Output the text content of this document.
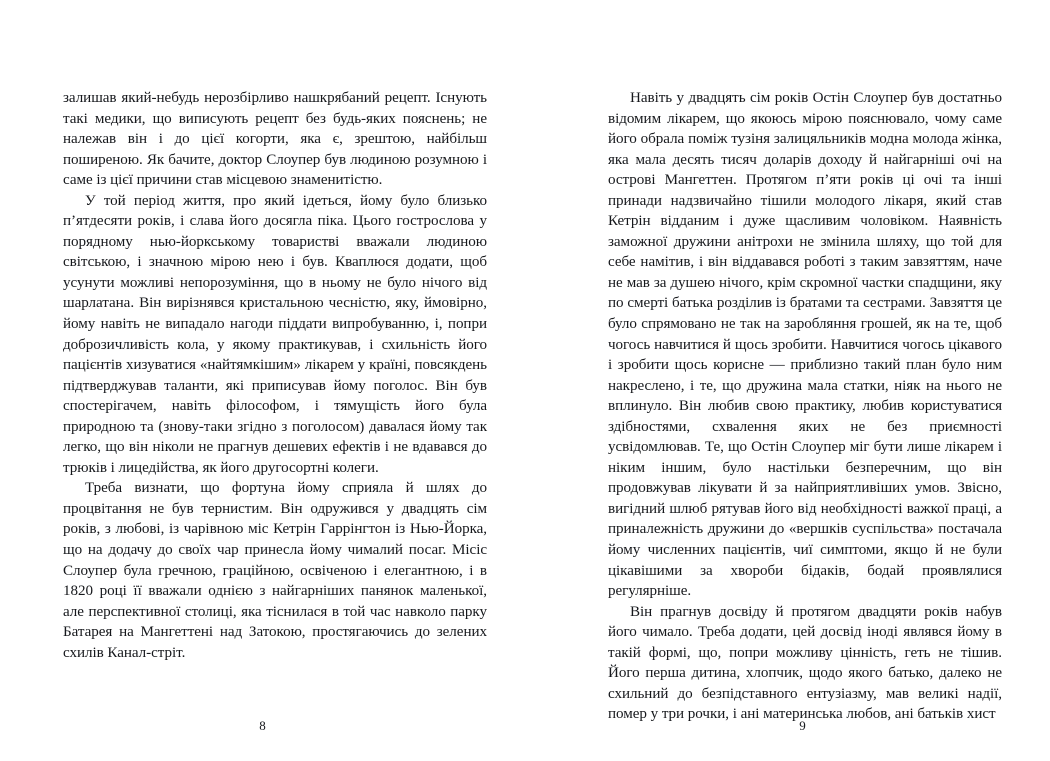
залишав який-небудь нерозбірливо нашкрябаний рецепт. Існують такі медики, що виписують рецепт без будь-яких пояснень; не належав він і до цієї когорти, яка є, зрештою, найбільш поширеною. Як бачите, доктор Слоупер був людиною розумною і саме із цієї причини став місцевою знаменитістю.

У той період життя, про який ідеться, йому було близько п’ятдесяти років, і слава його досягла піка. Цього гострослова у порядному нью-йоркському товаристві вважали людиною світською, і значною мірою нею і був. Кваплюся додати, щоб усунути можливі непорозуміння, що в ньому не було нічого від шарлатана. Він вирізнявся кристальною чесністю, яку, ймовірно, йому навіть не випадало нагоди піддати випробуванню, і, попри доброзичливість кола, у якому практикував, і схильність його пацієнтів хизуватися «найтямкішим» лікарем у країні, повсякдень підтверджував таланти, які приписував йому поголос. Він був спостерігачем, навіть філософом, і тямущість його була природною та (знову-таки згідно з поголосом) давалася йому так легко, що він ніколи не прагнув дешевих ефектів і не вдавався до трюків і лицедійства, як його другосортні колеги.

Треба визнати, що фортуна йому сприяла й шлях до процвітання не був тернистим. Він одружився у двадцять сім років, з любові, із чарівною міс Кетрін Гаррінгтон із Нью-Йорка, що на додачу до своїх чар принесла йому чималий посаг. Місіс Слоупер була гречною, граційною, освіченою і елегантною, і в 1820 році її вважали однією з найгарніших панянок маленької, але перспективної столиці, яка тіснилася в той час навколо парку Батарея на Мангеттені над Затокою, простягаючись до зелених схилів Канал-стріт.

8

Навіть у двадцять сім років Остін Слоупер був достатньо відомим лікарем, що якоюсь мірою пояснювало, чому саме його обрала поміж тузіня залицяльників модна молода жінка, яка мала десять тисяч доларів доходу й найгарніші очі на острові Мангеттен. Протягом п’яти років ці очі та інші принади надзвичайно тішили молодого лікаря, який став Кетрін відданим і дуже щасливим чоловіком. Наявність заможної дружини анітрохи не змінила шляху, що той для себе намітив, і він віддавався роботі з таким завзяттям, наче не мав за душею нічого, крім скромної частки спадщини, яку по смерті батька розділив із братами та сестрами. Завзяття це було спрямовано не так на заробляння грошей, як на те, щоб чогось навчитися й щось зробити. Навчитися чогось цікавого і зробити щось корисне — приблизно такий план було ним накреслено, і те, що дружина мала статки, ніяк на нього не вплинуло. Він любив свою практику, любив користуватися здібностями, схвалення яких не без приємності усвідомлював. Те, що Остін Слоупер міг бути лише лікарем і ніким іншим, було настільки безперечним, що він продовжував лікувати й за найприятливіших умов. Звісно, вигідний шлюб рятував його від необхідності важкої праці, а приналежність дружини до «вершків суспільства» постачала йому численних пацієнтів, чиї симптоми, якщо й не були цікавішими за хвороби бідаків, бодай проявлялися регулярніше.

Він прагнув досвіду й протягом двадцяти років набув його чимало. Треба додати, цей досвід іноді являвся йому в такій формі, що, попри можливу цінність, геть не тішив. Його перша дитина, хлопчик, щодо якого батько, далеко не схильний до безпідставного ентузіазму, мав великі надії, помер у три рочки, і ані материнська любов, ані батьків хист

9
